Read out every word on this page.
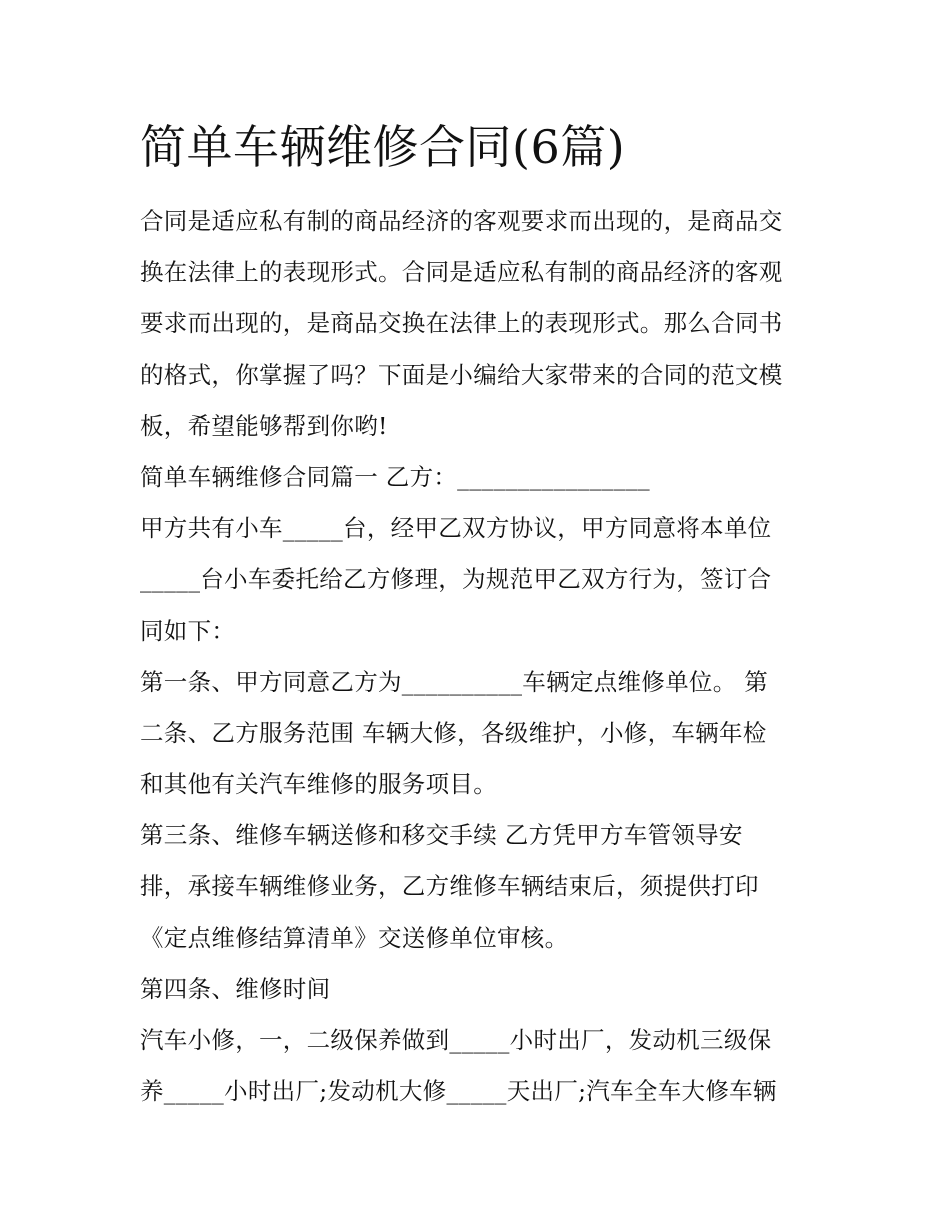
简单车辆维修合同(6篇)
合同是适应私有制的商品经济的客观要求而出现的，是商品交
换在法律上的表现形式。合同是适应私有制的商品经济的客观
要求而出现的，是商品交换在法律上的表现形式。那么合同书
的格式，你掌握了吗？下面是小编给大家带来的合同的范文模
板，希望能够帮到你哟!
简单车辆维修合同篇一 乙方：________________
甲方共有小车_____台，经甲乙双方协议，甲方同意将本单位
_____台小车委托给乙方修理，为规范甲乙双方行为，签订合
同如下：
第一条、甲方同意乙方为__________车辆定点维修单位。 第
二条、乙方服务范围 车辆大修，各级维护，小修，车辆年检
和其他有关汽车维修的服务项目。
第三条、维修车辆送修和移交手续 乙方凭甲方车管领导安
排，承接车辆维修业务，乙方维修车辆结束后，须提供打印
《定点维修结算清单》交送修单位审核。
第四条、维修时间
汽车小修，一，二级保养做到_____小时出厂，发动机三级保
养_____小时出厂;发动机大修_____天出厂;汽车全车大修车辆
